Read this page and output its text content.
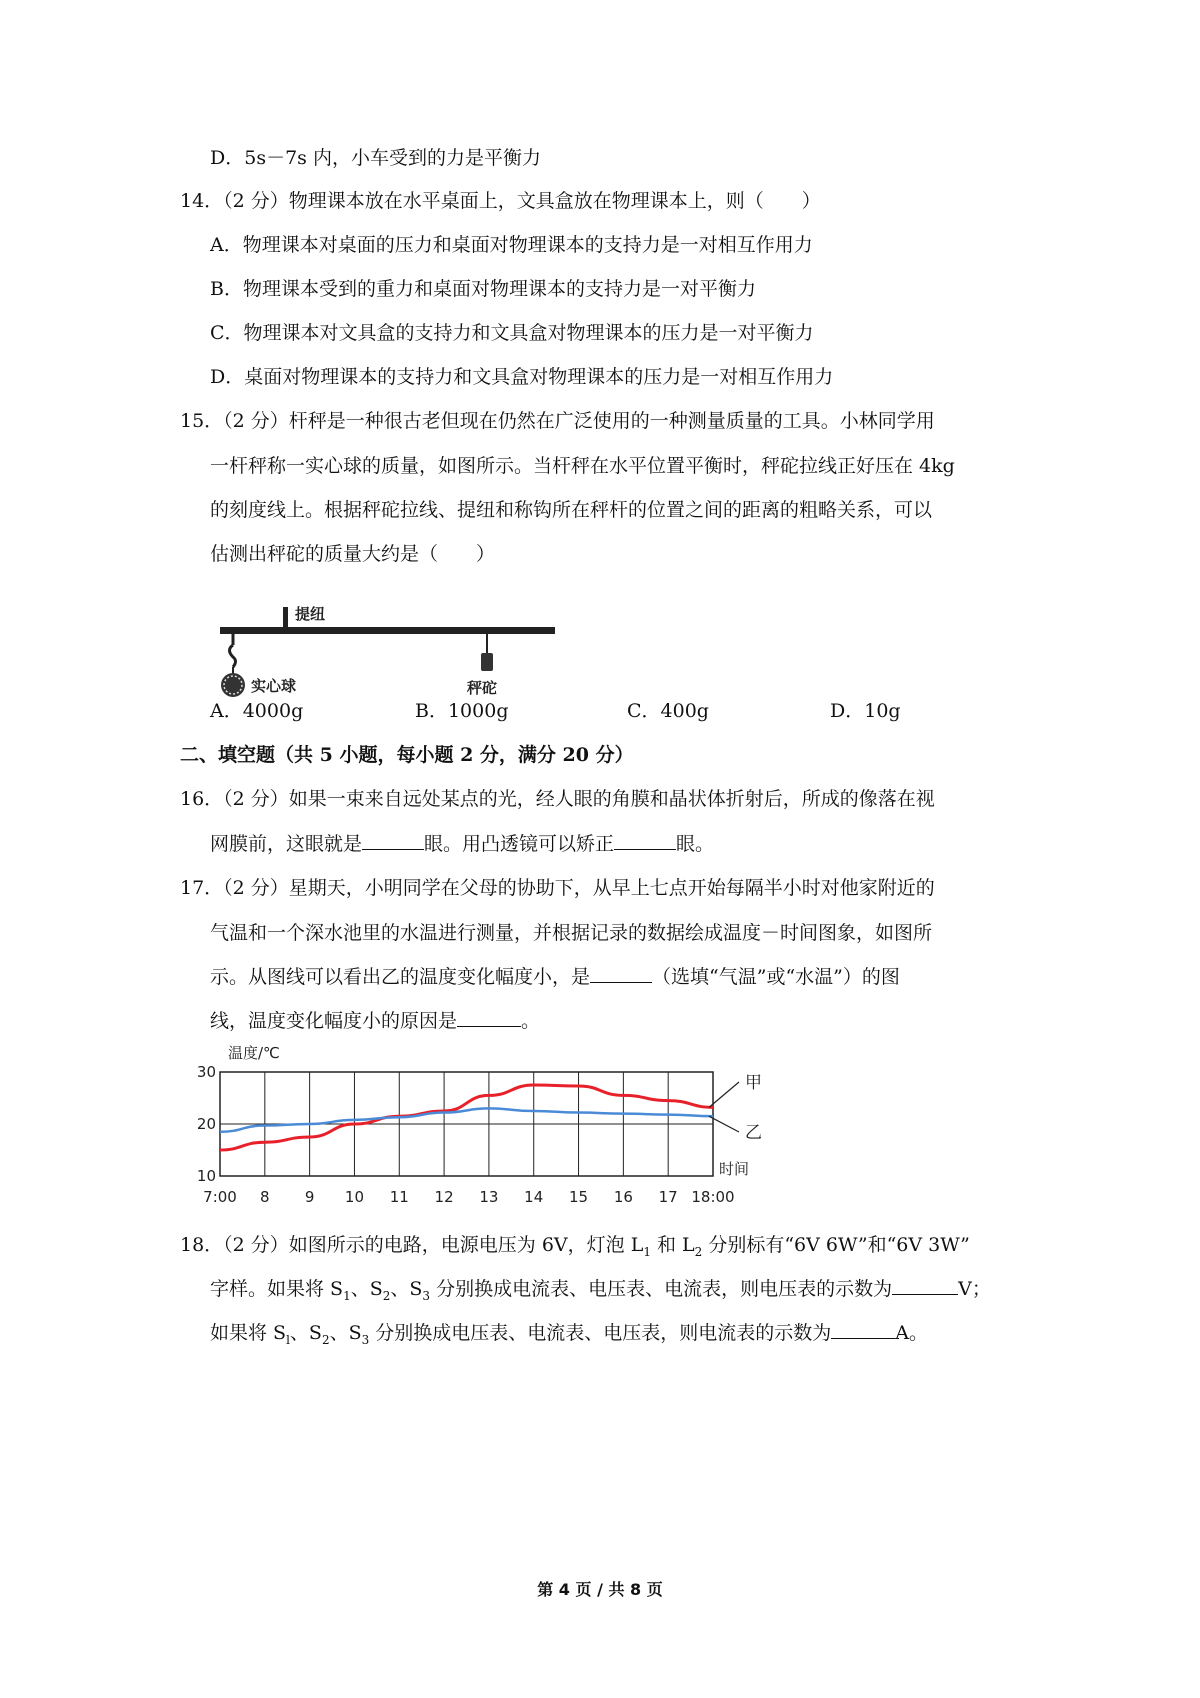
D．5s－7s 内，小车受到的力是平衡力
14．（2 分）物理课本放在水平桌面上，文具盒放在物理课本上，则（　　）
A．物理课本对桌面的压力和桌面对物理课本的支持力是一对相互作用力
B．物理课本受到的重力和桌面对物理课本的支持力是一对平衡力
C．物理课本对文具盒的支持力和文具盒对物理课本的压力是一对平衡力
D．桌面对物理课本的支持力和文具盒对物理课本的压力是一对相互作用力
15．（2 分）杆秤是一种很古老但现在仍然在广泛使用的一种测量质量的工具。小林同学用
一杆秤称一实心球的质量，如图所示。当杆秤在水平位置平衡时，秤砣拉线正好压在 4kg
的刻度线上。根据秤砣拉线、提纽和称钩所在秤杆的位置之间的距离的粗略关系，可以
估测出秤砣的质量大约是（　　）
提纽
实心球	秤砣
A．4000g	B．1000g	C．400g	D．10g
二、填空题（共 5 小题，每小题 2 分，满分 20 分）
16．（2 分）如果一束来自远处某点的光，经人眼的角膜和晶状体折射后，所成的像落在视
网膜前，这眼就是	眼。用凸透镜可以矫正	眼。
17．（2 分）星期天，小明同学在父母的协助下，从早上七点开始每隔半小时对他家附近的
气温和一个深水池里的水温进行测量，并根据记录的数据绘成温度－时间图象，如图所
示。从图线可以看出乙的温度变化幅度小，是	（选填“气温”或“水温”）的图
线，温度变化幅度小的原因是	。
10
20
30
7:00 8 9 10 11 12 13 14 15 16 17 18:00
温度/℃
时间
甲
乙
18．（2 分）如图所示的电路，电源电压为 6V，灯泡 $L_1$ 和 $L_2$ 分别标有“6V 6W”和“6V 3W”
字样。如果将 $S_1$、$S_2$、$S_3$ 分别换成电流表、电压表、电流表，则电压表的示数为	V；
如果将 $S_l$、$S_2$、$S_3$ 分别换成电压表、电流表、电压表，则电流表的示数为	A。
第 4 页 / 共 8 页
